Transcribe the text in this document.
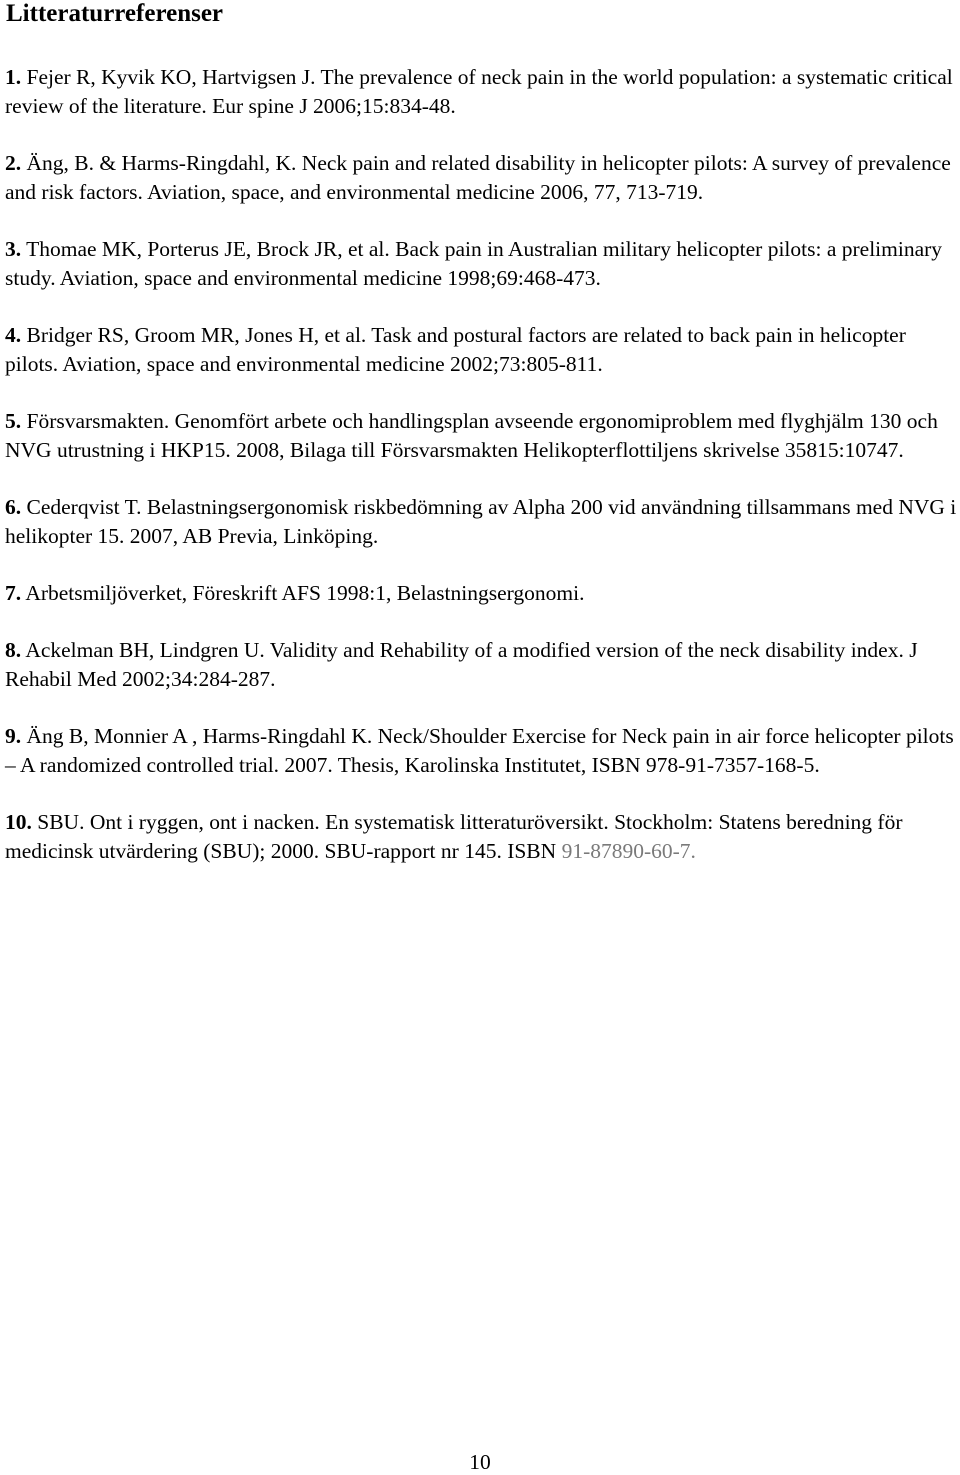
Litteraturreferenser

1. Fejer R, Kyvik KO, Hartvigsen J. The prevalence of neck pain in the world population: a systematic critical review of the literature. Eur spine J 2006;15:834-48.

2. Äng, B. & Harms-Ringdahl, K. Neck pain and related disability in helicopter pilots: A survey of prevalence and risk factors. Aviation, space, and environmental medicine 2006, 77, 713-719.

3. Thomae MK, Porterus JE, Brock JR, et al. Back pain in Australian military helicopter pilots: a preliminary study. Aviation, space and environmental medicine 1998;69:468-473.

4. Bridger RS, Groom MR, Jones H, et al. Task and postural factors are related to back pain in helicopter pilots. Aviation, space and environmental medicine 2002;73:805-811.

5. Försvarsmakten. Genomfört arbete och handlingsplan avseende ergonomiproblem med flyghjälm 130 och NVG utrustning i HKP15. 2008, Bilaga till Försvarsmakten Helikopterflottiljens skrivelse 35815:10747.

6. Cederqvist T. Belastningsergonomisk riskbedömning av Alpha 200 vid användning tillsammans med NVG i helikopter 15. 2007, AB Previa, Linköping.

7. Arbetsmiljöverket, Föreskrift AFS 1998:1, Belastningsergonomi.

8. Ackelman BH, Lindgren U. Validity and Rehability of a modified version of the neck disability index. J Rehabil Med 2002;34:284-287.

9. Äng B, Monnier A , Harms-Ringdahl K. Neck/Shoulder Exercise for Neck pain in air force helicopter pilots – A randomized controlled trial. 2007. Thesis, Karolinska Institutet, ISBN 978-91-7357-168-5.

10. SBU. Ont i ryggen, ont i nacken. En systematisk litteraturöversikt. Stockholm: Statens beredning för medicinsk utvärdering (SBU); 2000. SBU-rapport nr 145. ISBN 91-87890-60-7.

10
